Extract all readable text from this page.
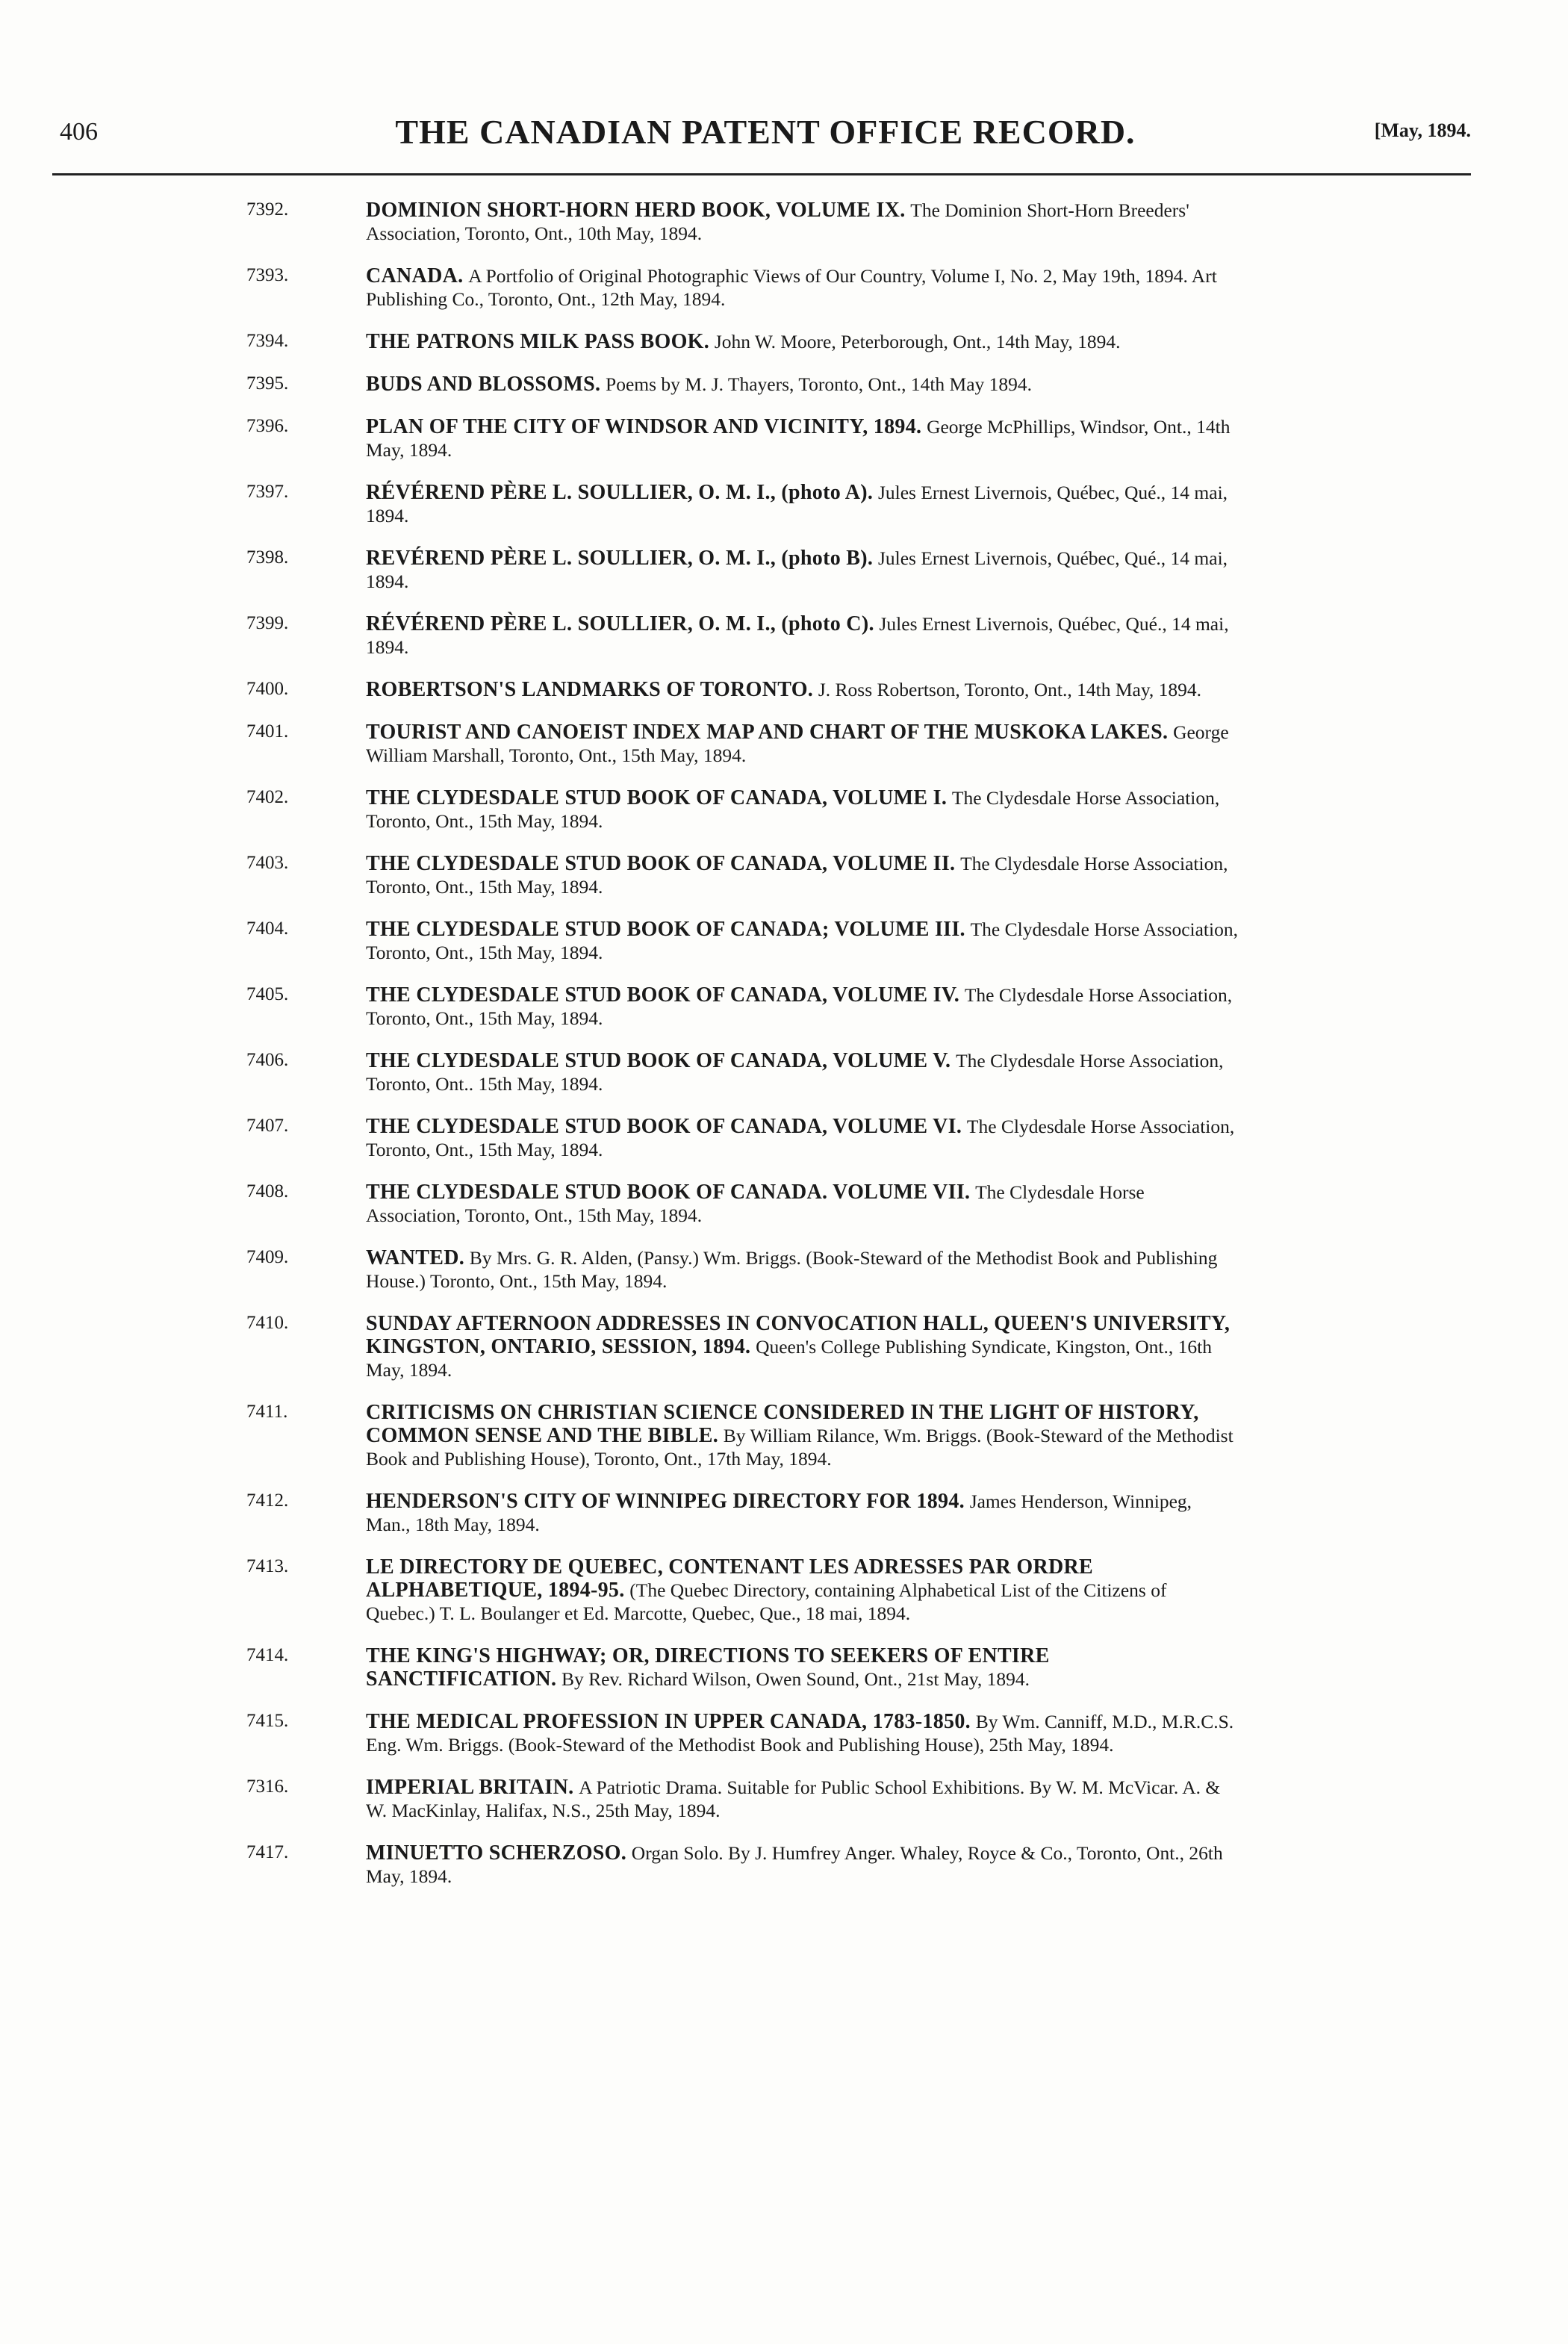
406	THE CANADIAN PATENT OFFICE RECORD.	[May, 1894.
7392.	DOMINION SHORT-HORN HERD BOOK, VOLUME IX. The Dominion Short-Horn Breeders' Association, Toronto, Ont., 10th May, 1894.
7393.	CANADA. A Portfolio of Original Photographic Views of Our Country, Volume I, No. 2, May 19th, 1894. Art Publishing Co., Toronto, Ont., 12th May, 1894.
7394.	THE PATRONS MILK PASS BOOK. John W. Moore, Peterborough, Ont., 14th May, 1894.
7395.	BUDS AND BLOSSOMS. Poems by M. J. Thayers, Toronto, Ont., 14th May 1894.
7396.	PLAN OF THE CITY OF WINDSOR AND VICINITY, 1894. George McPhillips, Windsor, Ont., 14th May, 1894.
7397.	RÉVÉREND PÈRE L. SOULLIER, O. M. I., (photo A). Jules Ernest Livernois, Québec, Qué., 14 mai, 1894.
7398.	REVÉREND PÈRE L. SOULLIER, O. M. I., (photo B). Jules Ernest Livernois, Québec, Qué., 14 mai, 1894.
7399.	RÉVÉREND PÈRE L. SOULLIER, O. M. I., (photo C). Jules Ernest Livernois, Québec, Qué., 14 mai, 1894.
7400.	ROBERTSON'S LANDMARKS OF TORONTO. J. Ross Robertson, Toronto, Ont., 14th May, 1894.
7401.	TOURIST AND CANOEIST INDEX MAP AND CHART OF THE MUSKOKA LAKES. George William Marshall, Toronto, Ont., 15th May, 1894.
7402.	THE CLYDESDALE STUD BOOK OF CANADA, VOLUME I. The Clydesdale Horse Association, Toronto, Ont., 15th May, 1894.
7403.	THE CLYDESDALE STUD BOOK OF CANADA, VOLUME II. The Clydesdale Horse Association, Toronto, Ont., 15th May, 1894.
7404.	THE CLYDESDALE STUD BOOK OF CANADA; VOLUME III. The Clydesdale Horse Association, Toronto, Ont., 15th May, 1894.
7405.	THE CLYDESDALE STUD BOOK OF CANADA, VOLUME IV. The Clydesdale Horse Association, Toronto, Ont., 15th May, 1894.
7406.	THE CLYDESDALE STUD BOOK OF CANADA, VOLUME V. The Clydesdale Horse Association, Toronto, Ont.. 15th May, 1894.
7407.	THE CLYDESDALE STUD BOOK OF CANADA, VOLUME VI. The Clydesdale Horse Association, Toronto, Ont., 15th May, 1894.
7408.	THE CLYDESDALE STUD BOOK OF CANADA. VOLUME VII. The Clydesdale Horse Association, Toronto, Ont., 15th May, 1894.
7409.	WANTED. By Mrs. G. R. Alden, (Pansy.) Wm. Briggs. (Book-Steward of the Methodist Book and Publishing House.) Toronto, Ont., 15th May, 1894.
7410.	SUNDAY AFTERNOON ADDRESSES IN CONVOCATION HALL, QUEEN'S UNIVERSITY, KINGSTON, ONTARIO, SESSION, 1894. Queen's College Publishing Syndicate, Kingston, Ont., 16th May, 1894.
7411.	CRITICISMS ON CHRISTIAN SCIENCE CONSIDERED IN THE LIGHT OF HISTORY, COMMON SENSE AND THE BIBLE. By William Rilance, Wm. Briggs. (Book-Steward of the Methodist Book and Publishing House), Toronto, Ont., 17th May, 1894.
7412.	HENDERSON'S CITY OF WINNIPEG DIRECTORY FOR 1894. James Henderson, Winnipeg, Man., 18th May, 1894.
7413.	LE DIRECTORY DE QUEBEC, CONTENANT LES ADRESSES PAR ORDRE ALPHABETIQUE, 1894-95. (The Quebec Directory, containing Alphabetical List of the Citizens of Quebec.) T. L. Boulanger et Ed. Marcotte, Quebec, Que., 18 mai, 1894.
7414.	THE KING'S HIGHWAY; OR, DIRECTIONS TO SEEKERS OF ENTIRE SANCTIFICATION. By Rev. Richard Wilson, Owen Sound, Ont., 21st May, 1894.
7415.	THE MEDICAL PROFESSION IN UPPER CANADA, 1783-1850. By Wm. Canniff, M.D., M.R.C.S. Eng. Wm. Briggs. (Book-Steward of the Methodist Book and Publishing House), 25th May, 1894.
7316.	IMPERIAL BRITAIN. A Patriotic Drama. Suitable for Public School Exhibitions. By W. M. McVicar. A. & W. MacKinlay, Halifax, N.S., 25th May, 1894.
7417.	MINUETTO SCHERZOSO. Organ Solo. By J. Humfrey Anger. Whaley, Royce & Co., Toronto, Ont., 26th May, 1894.
